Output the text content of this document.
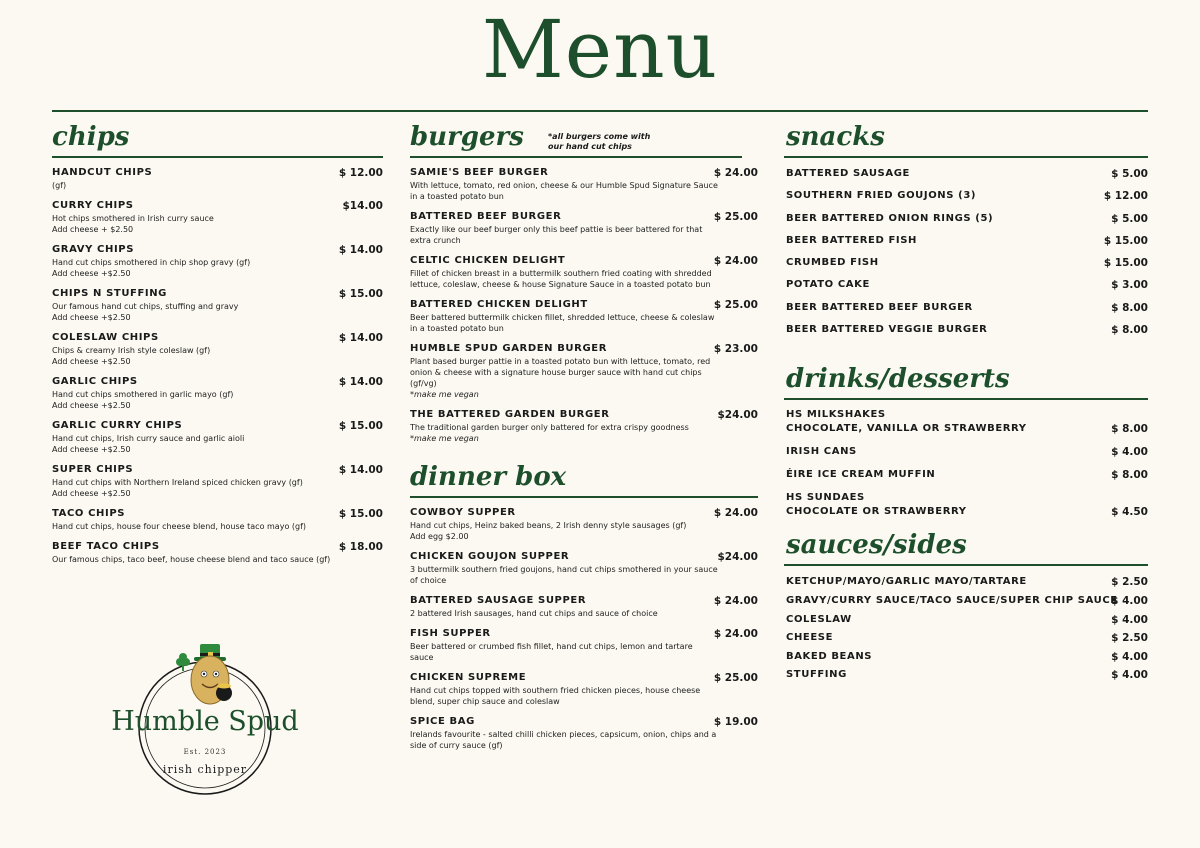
Menu
chips
HANDCUT CHIPS	$ 12.00
(gf)
CURRY CHIPS	$14.00
Hot chips smothered in Irish curry sauce
Add cheese + $2.50
GRAVY CHIPS	$ 14.00
Hand cut chips smothered in chip shop gravy (gf)
Add cheese +$2.50
CHIPS N STUFFING	$ 15.00
Our famous hand cut chips, stuffing and gravy
Add cheese +$2.50
COLESLAW CHIPS	$ 14.00
Chips & creamy Irish style coleslaw (gf)
Add cheese +$2.50
GARLIC CHIPS	$ 14.00
Hand cut chips smothered in garlic mayo (gf)
Add cheese +$2.50
GARLIC CURRY CHIPS	$ 15.00
Hand cut chips, Irish curry sauce and garlic aioli
Add cheese +$2.50
SUPER CHIPS	$ 14.00
Hand cut chips with Northern Ireland spiced chicken gravy (gf)
Add cheese +$2.50
TACO CHIPS	$ 15.00
Hand cut chips, house four cheese blend, house taco mayo (gf)
BEEF TACO CHIPS	$ 18.00
Our famous chips, taco beef, house cheese blend and taco sauce (gf)
burgers	*all burgers come with
our hand cut chips
SAMIE'S BEEF BURGER	$ 24.00
With lettuce, tomato, red onion, cheese & our Humble Spud Signature Sauce in a toasted potato bun
BATTERED BEEF BURGER	$ 25.00
Exactly like our beef burger only this beef pattie is beer battered for that extra crunch
CELTIC CHICKEN DELIGHT	$ 24.00
Fillet of chicken breast in a buttermilk southern fried coating with shredded lettuce, coleslaw, cheese & house Signature Sauce in a toasted potato bun
BATTERED CHICKEN DELIGHT	$ 25.00
Beer battered buttermilk chicken fillet, shredded lettuce, cheese & coleslaw in a toasted potato bun
HUMBLE SPUD GARDEN BURGER	$ 23.00
Plant based burger pattie in a toasted potato bun with lettuce, tomato, red onion & cheese with a signature house burger sauce with hand cut chips (gf/vg)
*make me vegan
THE BATTERED GARDEN BURGER	$24.00
The traditional garden burger only battered for extra crispy goodness
*make me vegan
dinner box
COWBOY SUPPER	$ 24.00
Hand cut chips, Heinz baked beans, 2 Irish denny style sausages (gf)
Add egg $2.00
CHICKEN GOUJON SUPPER	$24.00
3 buttermilk southern fried goujons, hand cut chips smothered in your sauce of choice
BATTERED SAUSAGE SUPPER	$ 24.00
2 battered Irish sausages, hand cut chips and sauce of choice
FISH SUPPER	$ 24.00
Beer battered or crumbed fish fillet, hand cut chips, lemon and tartare sauce
CHICKEN SUPREME	$ 25.00
Hand cut chips topped with southern fried chicken pieces, house cheese blend, super chip sauce and coleslaw
SPICE BAG	$ 19.00
Irelands favourite - salted chilli chicken pieces, capsicum, onion, chips and a side of curry sauce (gf)
snacks
BATTERED SAUSAGE	$ 5.00
SOUTHERN FRIED GOUJONS (3)	$ 12.00
BEER BATTERED ONION RINGS (5)	$ 5.00
BEER BATTERED FISH	$ 15.00
CRUMBED FISH	$ 15.00
POTATO CAKE	$ 3.00
BEER BATTERED BEEF BURGER	$ 8.00
BEER BATTERED VEGGIE BURGER	$ 8.00
drinks/desserts
HS MILKSHAKES
CHOCOLATE, VANILLA OR STRAWBERRY	$ 8.00
IRISH CANS	$ 4.00
ÉIRE ICE CREAM MUFFIN	$ 8.00
HS SUNDAES
CHOCOLATE OR STRAWBERRY	$ 4.50
sauces/sides
KETCHUP/MAYO/GARLIC MAYO/TARTARE	$ 2.50
GRAVY/CURRY SAUCE/TACO SAUCE/SUPER CHIP SAUCE
$ 4.00
COLESLAW	$ 4.00
CHEESE	$ 2.50
BAKED BEANS	$ 4.00
STUFFING	$ 4.00
Humble Spud
Est. 2023
irish chipper
